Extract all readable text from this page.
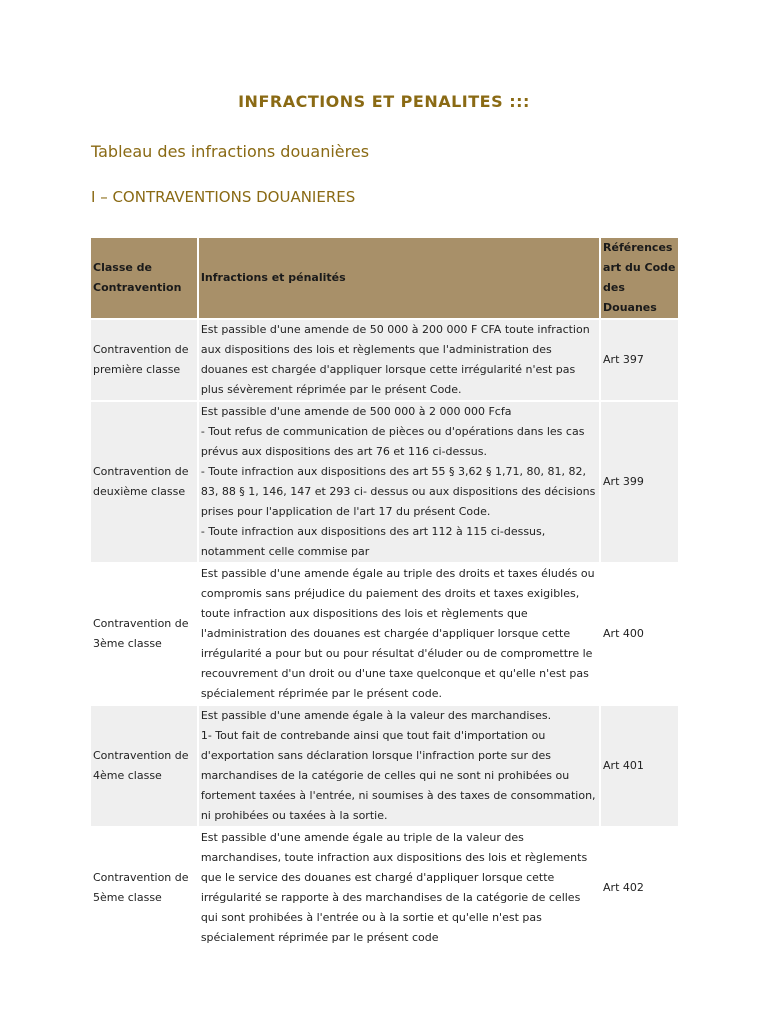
INFRACTIONS ET PENALITES :::
Tableau des infractions douanières
I – CONTRAVENTIONS DOUANIERES
Classe de Contravention	Infractions et pénalités	Références art du Code des Douanes
Contravention de première classe	Est passible d'une amende de 50 000 à 200 000 F CFA toute infraction aux dispositions des lois et règlements que l'administration des douanes est chargée d'appliquer lorsque cette irrégularité n'est pas plus sévèrement réprimée par le présent Code.	Art 397
Contravention de deuxième classe	Est passible d'une amende de 500 000 à 2 000 000 Fcfa
- Tout refus de communication de pièces ou d'opérations dans les cas prévus aux dispositions des art 76 et 116 ci-dessus.
- Toute infraction aux dispositions des art 55 § 3,62 § 1,71, 80, 81, 82, 83, 88 § 1, 146, 147 et 293 ci- dessus ou aux dispositions des décisions prises pour l'application de l'art 17 du présent Code.
- Toute infraction aux dispositions des art 112 à 115 ci-dessus, notamment celle commise par	Art 399
Contravention de 3ème classe	Est passible d'une amende égale au triple des droits et taxes éludés ou compromis sans préjudice du paiement des droits et taxes exigibles, toute infraction aux dispositions des lois et règlements que l'administration des douanes est chargée d'appliquer lorsque cette irrégularité a pour but ou pour résultat d'éluder ou de compromettre le recouvrement d'un droit ou d'une taxe quelconque et qu'elle n'est pas spécialement réprimée par le présent code.	Art 400
Contravention de 4ème classe	Est passible d'une amende égale à la valeur des marchandises.
1- Tout fait de contrebande ainsi que tout fait d'importation ou d'exportation sans déclaration lorsque l'infraction porte sur des marchandises de la catégorie de celles qui ne sont ni prohibées ou fortement taxées à l'entrée, ni soumises à des taxes de consommation, ni prohibées ou taxées à la sortie.	Art 401
Contravention de 5ème classe	Est passible d'une amende égale au triple de la valeur des marchandises, toute infraction aux dispositions des lois et règlements que le service des douanes est chargé d'appliquer lorsque cette irrégularité se rapporte à des marchandises de la catégorie de celles qui sont prohibées à l'entrée ou à la sortie et qu'elle n'est pas spécialement réprimée par le présent code	Art 402
